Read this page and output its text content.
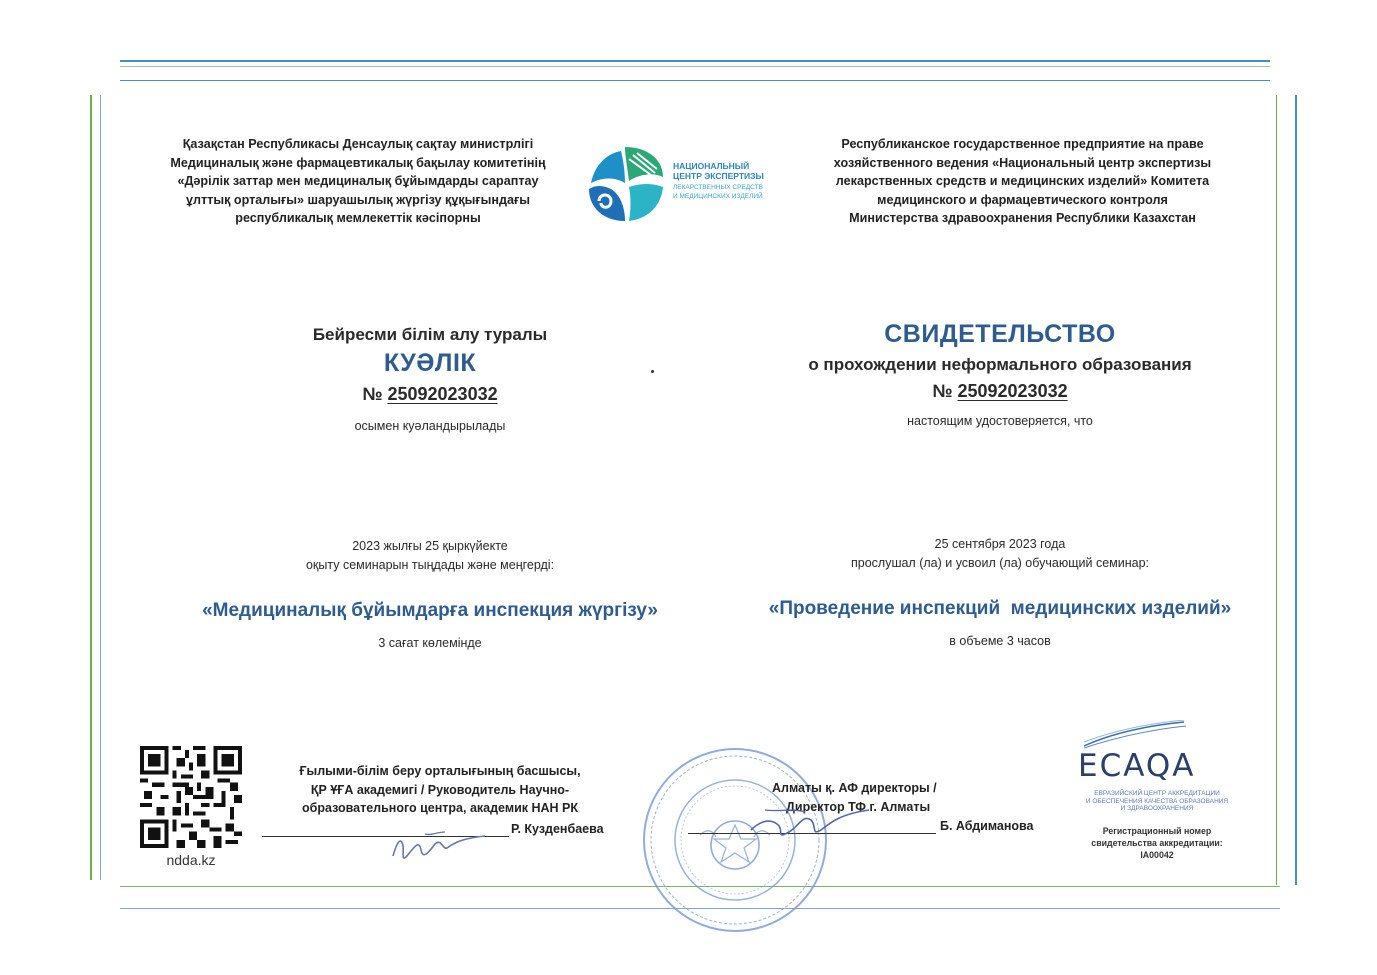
Қазақстан Республикасы Денсаулық сақтау министрлігі
Медициналық және фармацевтикалық бақылау комитетінің
«Дәрілік заттар мен медициналық бұйымдарды сараптау
ұлттық орталығы» шаруашылық жүргізу құқығындағы
республикалық мемлекеттік кәсіпорны
НАЦИОНАЛЬНЫЙ
ЦЕНТР ЭКСПЕРТИЗЫ
ЛЕКАРСТВЕННЫХ СРЕДСТВ
И МЕДИЦИНСКИХ ИЗДЕЛИЙ
Республиканское государственное предприятие на праве
хозяйственного ведения «Национальный центр экспертизы
лекарственных средств и медицинских изделий» Комитета
медицинского и фармацевтического контроля
Министерства здравоохранения Республики Казахстан
Бейресми білім алу туралы
КУӘЛІК
№ 25092023032
осымен куәландырылады
2023 жылғы 25 қыркүйекте
оқыту семинарын тыңдады және меңгерді:
«Медициналық бұйымдарға инспекция жүргізу»
3 сағат көлемінде
СВИДЕТЕЛЬСТВО
о прохождении неформального образования
№ 25092023032
настоящим удостоверяется, что
25 сентября 2023 года
прослушал (ла) и усвоил (ла) обучающий семинар:
«Проведение инспекций  медицинских изделий»
в объеме 3 часов
ndda.kz
Ғылыми-білім беру орталығының басшысы,
ҚР ҰҒА академигі / Руководитель Научно-
образовательного центра, академик НАН РК
Р. Кузденбаева
Алматы қ. АФ директоры /
Директор ТФ г. Алматы
Б. Абдиманова
ECAQA
ЕВРАЗИЙСКИЙ ЦЕНТР АККРЕДИТАЦИИ
И ОБЕСПЕЧЕНИЯ КАЧЕСТВА ОБРАЗОВАНИЯ
И ЗДРАВООХРАНЕНИЯ
Регистрационный номер
свидетельства аккредитации:
IA00042
